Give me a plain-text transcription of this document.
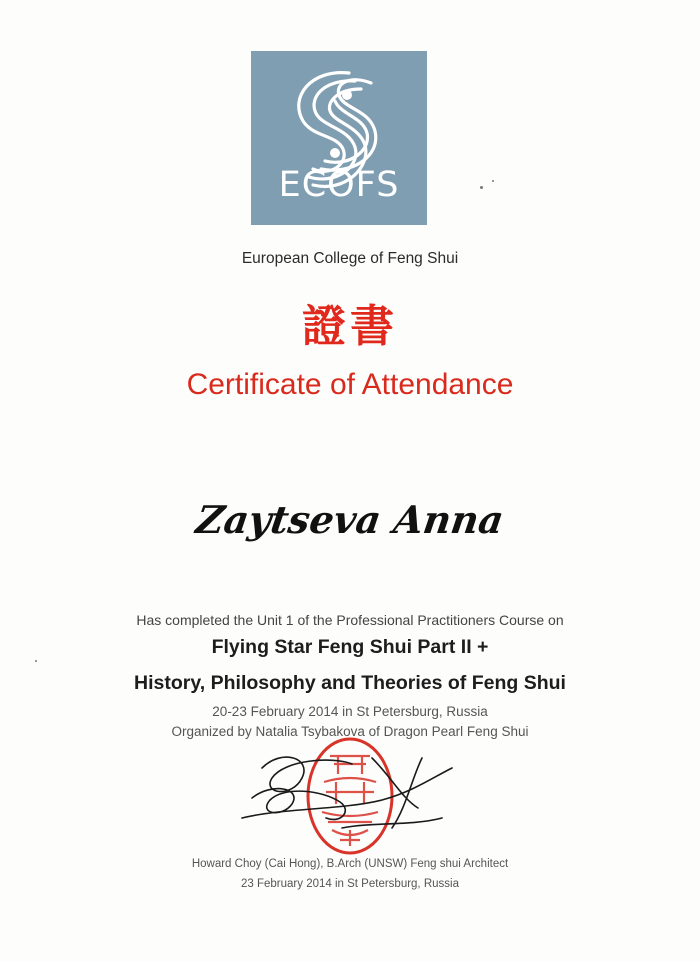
ECOFS
European College of Feng Shui
證書
Certificate of Attendance
Zaytseva Anna
Has completed the Unit 1 of the Professional Practitioners Course on
Flying Star Feng Shui Part II +
History, Philosophy and Theories of Feng Shui
20-23 February 2014 in St Petersburg, Russia
Organized by Natalia Tsybakova of Dragon Pearl Feng Shui
Howard Choy (Cai Hong), B.Arch (UNSW) Feng shui Architect
23 February 2014 in St Petersburg, Russia
